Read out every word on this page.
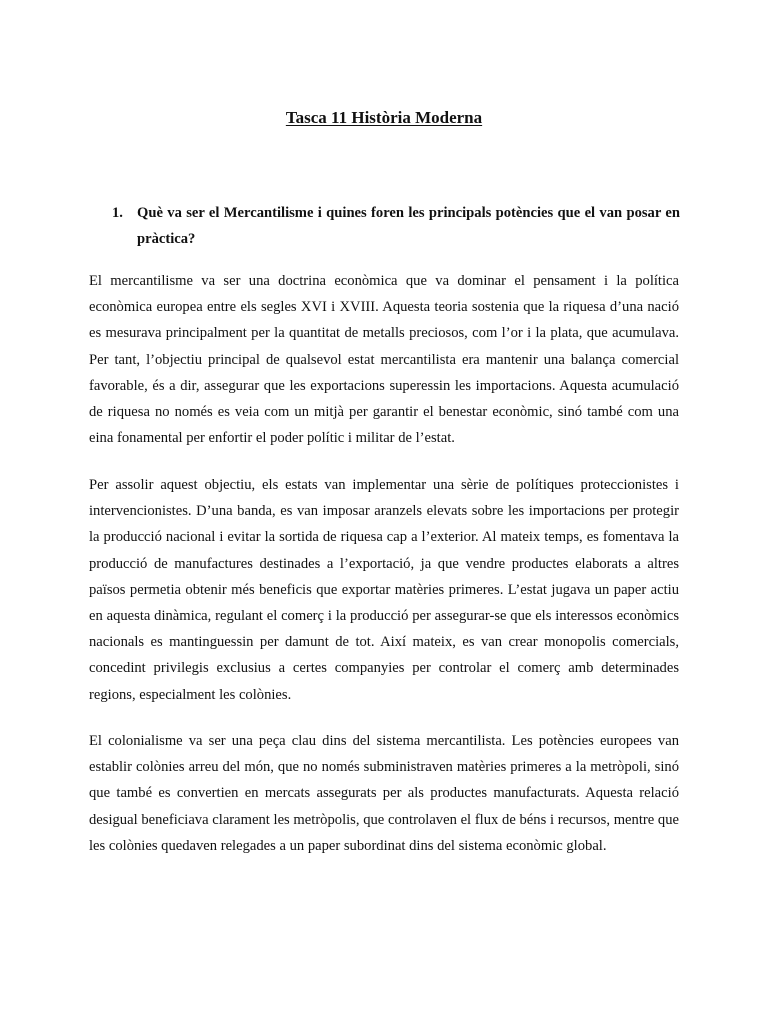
Tasca 11 Història Moderna
1. Què va ser el Mercantilisme i quines foren les principals potències que el van posar en pràctica?

El mercantilisme va ser una doctrina econòmica que va dominar el pensament i la política econòmica europea entre els segles XVI i XVIII. Aquesta teoria sostenia que la riquesa d’una nació es mesurava principalment per la quantitat de metalls preciosos, com l’or i la plata, que acumulava. Per tant, l’objectiu principal de qualsevol estat mercantilista era mantenir una balança comercial favorable, és a dir, assegurar que les exportacions superessin les importacions. Aquesta acumulació de riquesa no només es veia com un mitjà per garantir el benestar econòmic, sinó també com una eina fonamental per enfortir el poder polític i militar de l’estat.

Per assolir aquest objectiu, els estats van implementar una sèrie de polítiques proteccionistes i intervencionistes. D’una banda, es van imposar aranzels elevats sobre les importacions per protegir la producció nacional i evitar la sortida de riquesa cap a l’exterior. Al mateix temps, es fomentava la producció de manufactures destinades a l’exportació, ja que vendre productes elaborats a altres països permetia obtenir més beneficis que exportar matèries primeres. L’estat jugava un paper actiu en aquesta dinàmica, regulant el comerç i la producció per assegurar-se que els interessos econòmics nacionals es mantinguessin per damunt de tot. Així mateix, es van crear monopolis comercials, concedint privilegis exclusius a certes companyies per controlar el comerç amb determinades regions, especialment les colònies.

El colonialisme va ser una peça clau dins del sistema mercantilista. Les potències europees van establir colònies arreu del món, que no només subministraven matèries primeres a la metròpoli, sinó que també es convertien en mercats assegurats per als productes manufacturats. Aquesta relació desigual beneficiava clarament les metròpolis, que controlaven el flux de béns i recursos, mentre que les colònies quedaven relegades a un paper subordinat dins del sistema econòmic global.
